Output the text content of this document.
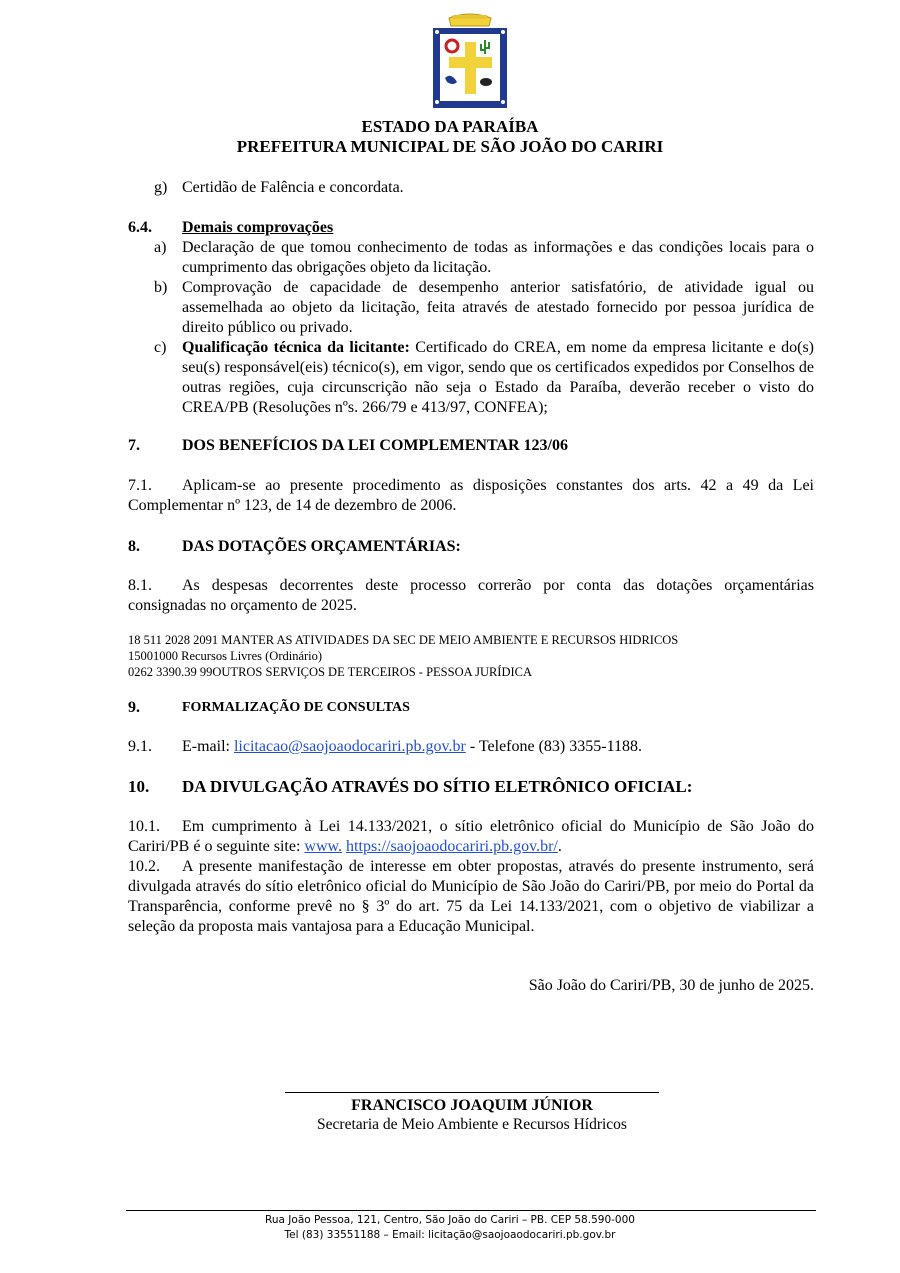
ESTADO DA PARAÍBA
PREFEITURA MUNICIPAL DE SÃO JOÃO DO CARIRI
g) Certidão de Falência e concordata.
6.4.	Demais comprovações
a) Declaração de que tomou conhecimento de todas as informações e das condições locais para o cumprimento das obrigações objeto da licitação.
b) Comprovação de capacidade de desempenho anterior satisfatório, de atividade igual ou assemelhada ao objeto da licitação, feita através de atestado fornecido por pessoa jurídica de direito público ou privado.
c) Qualificação técnica da licitante: Certificado do CREA, em nome da empresa licitante e do(s) seu(s) responsável(eis) técnico(s), em vigor, sendo que os certificados expedidos por Conselhos de outras regiões, cuja circunscrição não seja o Estado da Paraíba, deverão receber o visto do CREA/PB (Resoluções nºs. 266/79 e 413/97, CONFEA);
7.	DOS BENEFÍCIOS DA LEI COMPLEMENTAR 123/06
7.1. Aplicam-se ao presente procedimento as disposições constantes dos arts. 42 a 49 da Lei Complementar nº 123, de 14 de dezembro de 2006.
8.	DAS DOTAÇÕES ORÇAMENTÁRIAS:
8.1. As despesas decorrentes deste processo correrão por conta das dotações orçamentárias consignadas no orçamento de 2025.
18 511 2028 2091 MANTER AS ATIVIDADES DA SEC DE MEIO AMBIENTE E RECURSOS HIDRICOS
15001000 Recursos Livres (Ordinário)
0262 3390.39 99OUTROS SERVIÇOS DE TERCEIROS - PESSOA JURÍDICA
9.	FORMALIZAÇÃO DE CONSULTAS
9.1. E-mail: licitacao@saojoaodocariri.pb.gov.br - Telefone (83) 3355-1188.
10.	DA DIVULGAÇÃO ATRAVÉS DO SÍTIO ELETRÔNICO OFICIAL:
10.1. Em cumprimento à Lei 14.133/2021, o sítio eletrônico oficial do Município de São João do Cariri/PB é o seguinte site: www. https://saojoaodocariri.pb.gov.br/.
10.2. A presente manifestação de interesse em obter propostas, através do presente instrumento, será divulgada através do sítio eletrônico oficial do Município de São João do Cariri/PB, por meio do Portal da Transparência, conforme prevê no § 3º do art. 75 da Lei 14.133/2021, com o objetivo de viabilizar a seleção da proposta mais vantajosa para a Educação Municipal.
São João do Cariri/PB, 30 de junho de 2025.
FRANCISCO JOAQUIM JÚNIOR
Secretaria de Meio Ambiente e Recursos Hídricos
Rua João Pessoa, 121, Centro, São João do Cariri – PB. CEP 58.590-000
Tel (83) 33551188 – Email: licitação@saojoaodocariri.pb.gov.br
